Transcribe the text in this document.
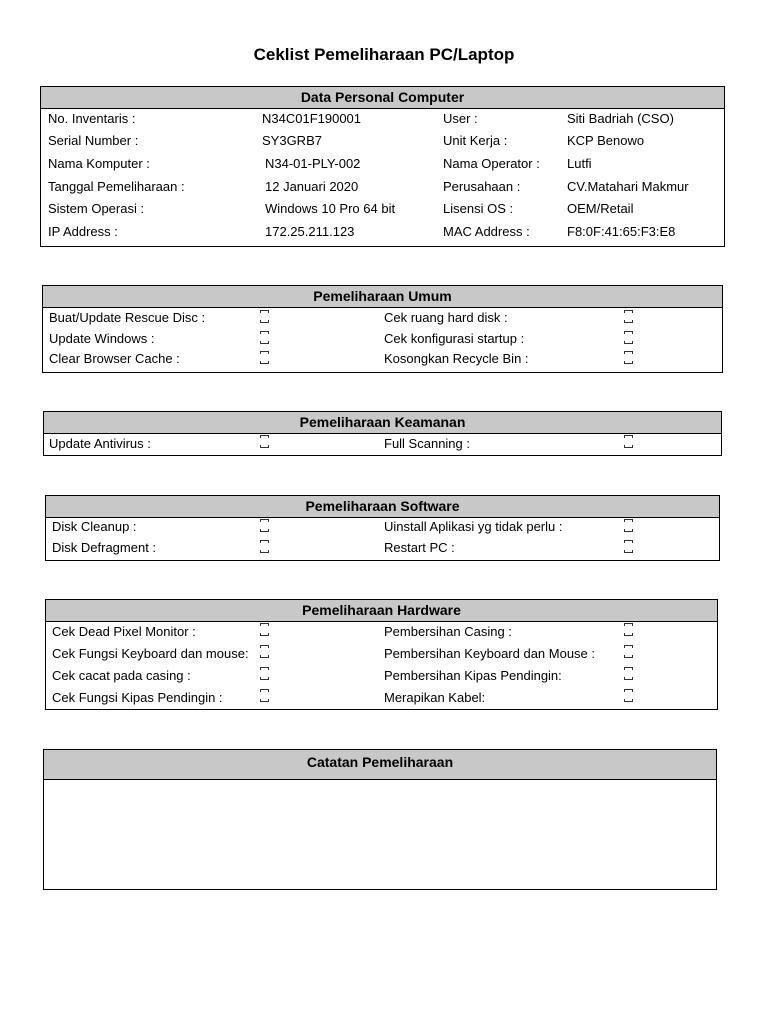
Ceklist Pemeliharaan PC/Laptop
Data Personal Computer
No. Inventaris :	N34C01F190001	User :	Siti Badriah (CSO)
Serial Number :	SY3GRB7	Unit Kerja :	KCP Benowo
Nama Komputer :	N34-01-PLY-002	Nama Operator : Lutfi
Tanggal Pemeliharaan :	12 Januari 2020	Perusahaan :	CV.Matahari Makmur
Sistem Operasi :	Windows 10 Pro 64 bit	Lisensi OS :	OEM/Retail
IP Address :	172.25.211.123	MAC Address :	F8:0F:41:65:F3:E8
Pemeliharaan Umum
Buat/Update Rescue Disc :	Cek ruang hard disk :
Update Windows :	Cek konfigurasi startup :
Clear Browser Cache :	Kosongkan Recycle Bin :
Pemeliharaan Keamanan
Update Antivirus :	Full Scanning :
Pemeliharaan Software
Disk Cleanup :	Uinstall Aplikasi yg tidak perlu :
Disk Defragment :	Restart PC :
Pemeliharaan Hardware
Cek Dead Pixel Monitor :	Pembersihan Casing :
Cek Fungsi Keyboard dan mouse:	Pembersihan Keyboard dan Mouse :
Cek cacat pada casing :	Pembersihan Kipas Pendingin:
Cek Fungsi Kipas Pendingin :	Merapikan Kabel:
Catatan Pemeliharaan
